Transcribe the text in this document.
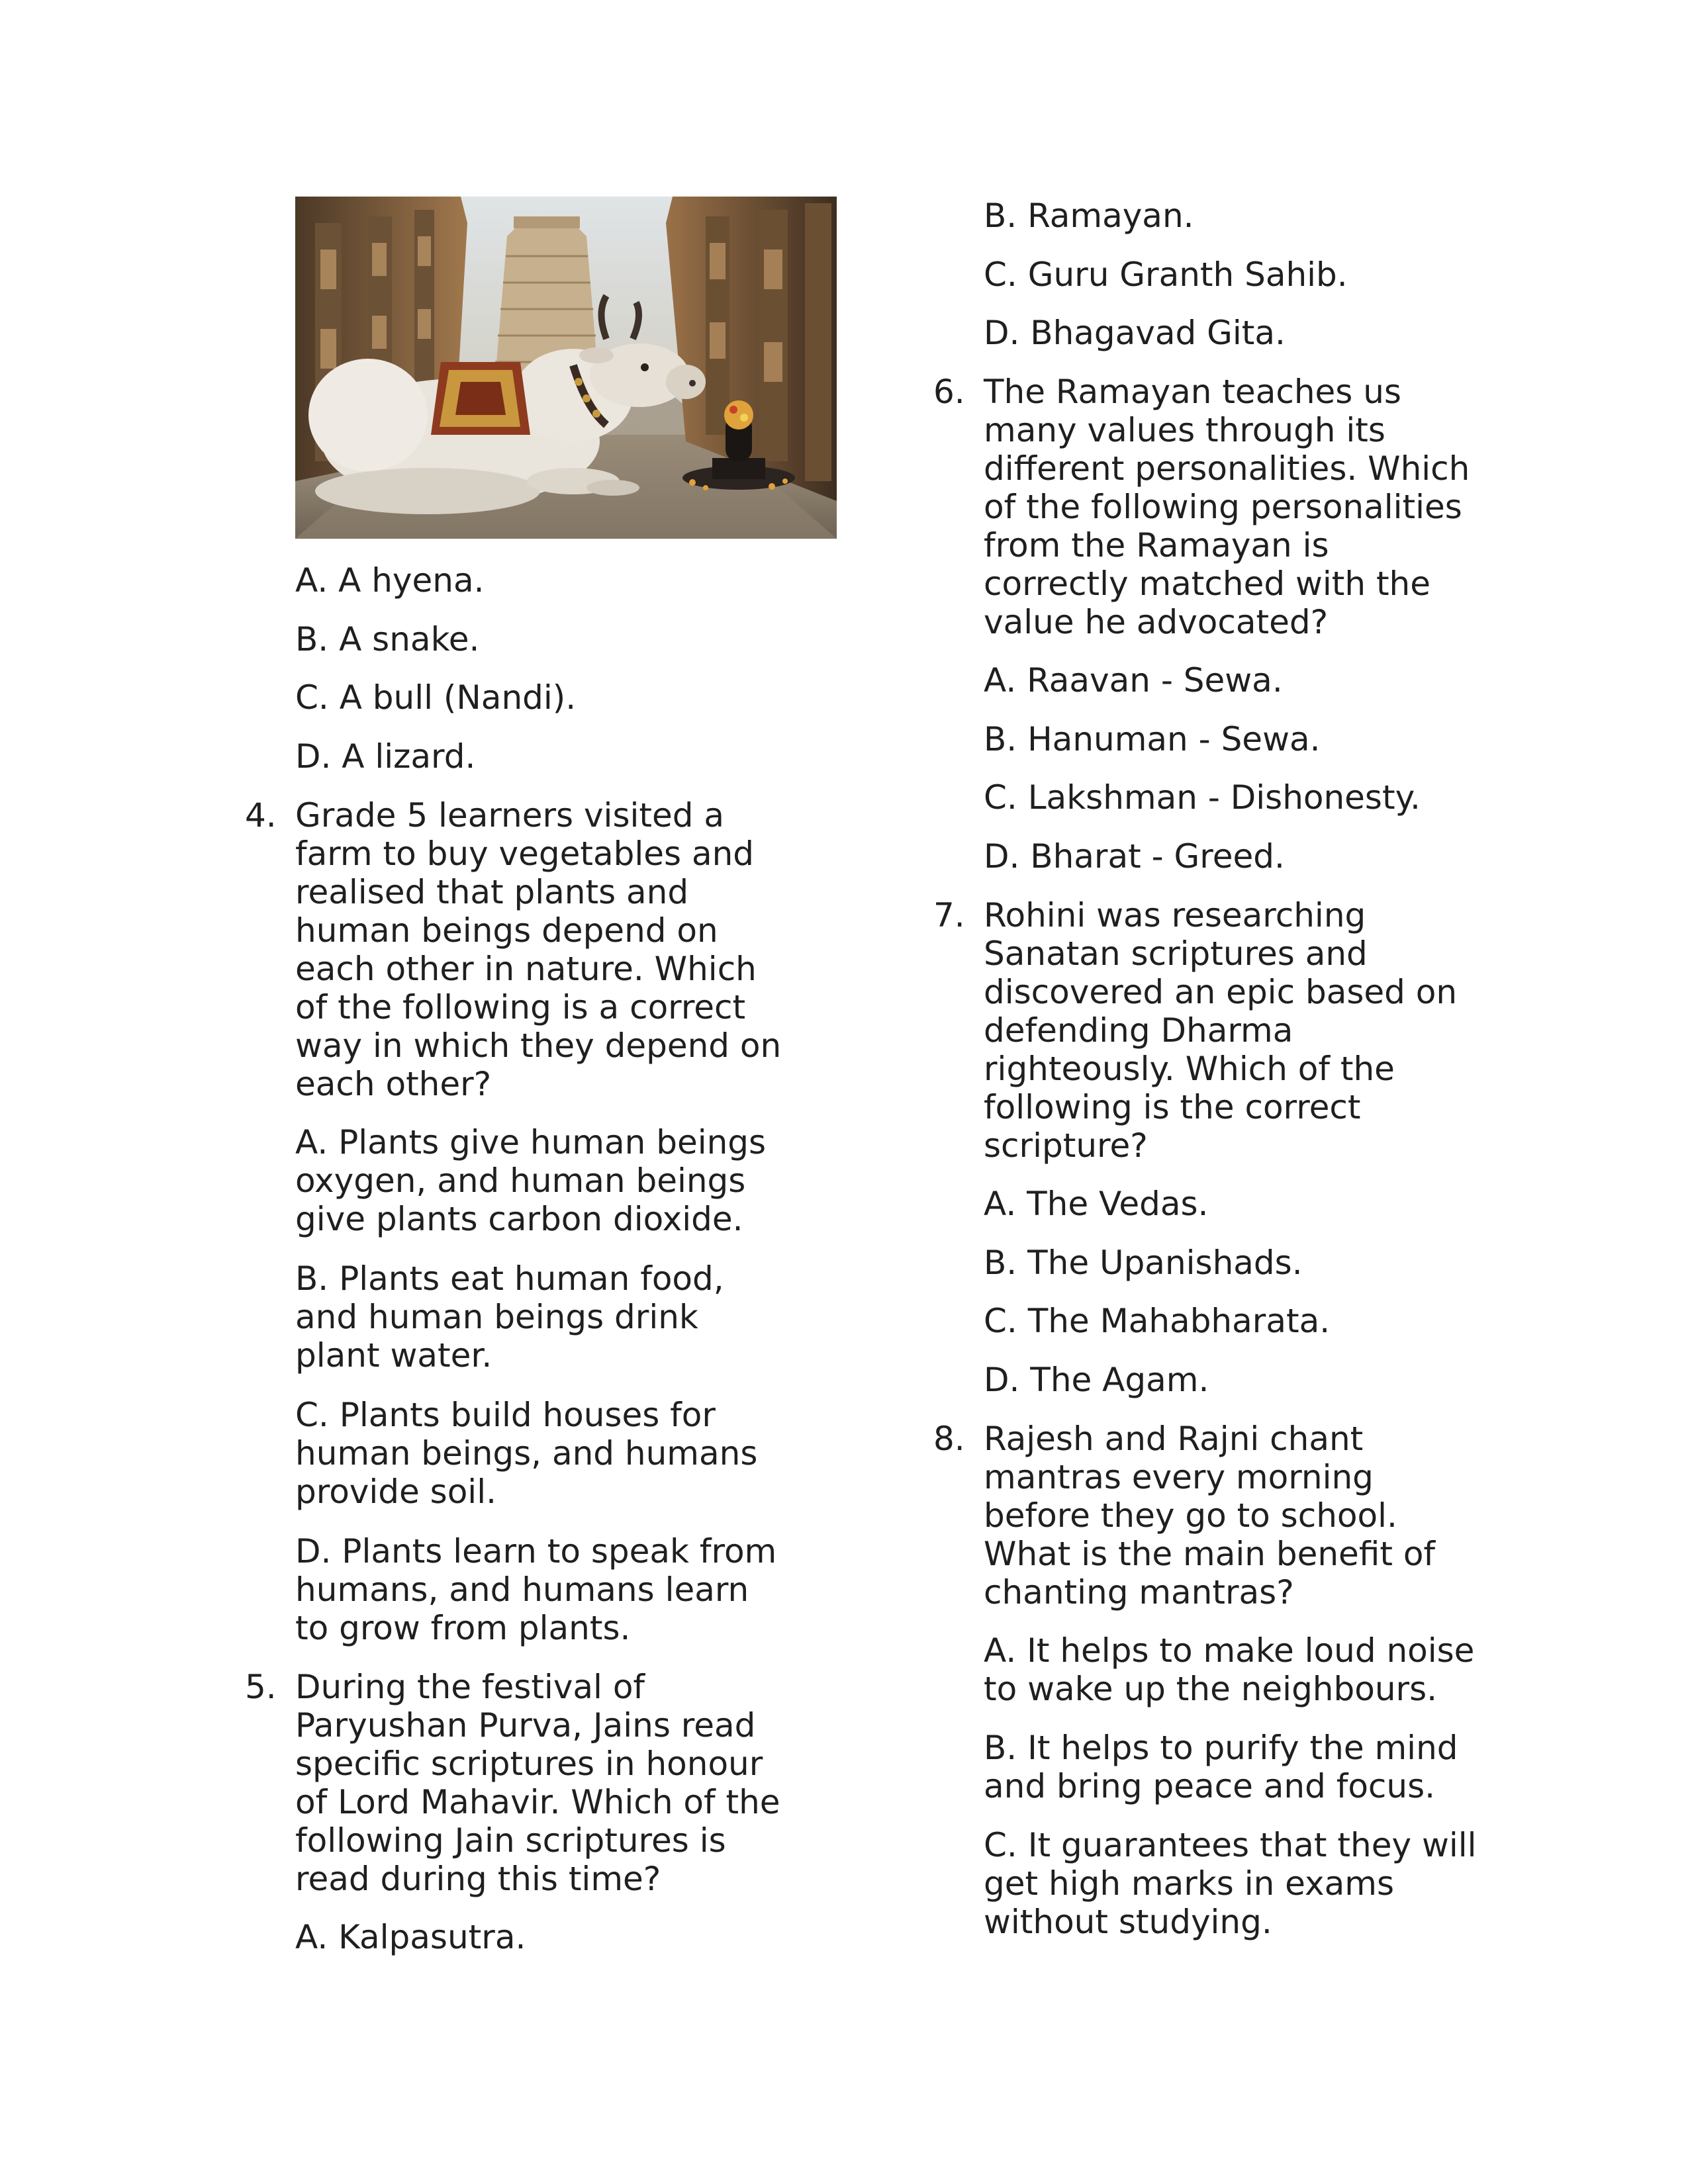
A. A hyena.
B. A snake.
C. A bull (Nandi).
D. A lizard.
4. Grade 5 learners visited a
farm to buy vegetables and
realised that plants and
human beings depend on
each other in nature. Which
of the following is a correct
way in which they depend on
each other?
A. Plants give human beings
oxygen, and human beings
give plants carbon dioxide.
B. Plants eat human food,
and human beings drink
plant water.
C. Plants build houses for
human beings, and humans
provide soil.
D. Plants learn to speak from
humans, and humans learn
to grow from plants.
5. During the festival of
Paryushan Purva, Jains read
specific scriptures in honour
of Lord Mahavir. Which of the
following Jain scriptures is
read during this time?
A. Kalpasutra.
B. Ramayan.
C. Guru Granth Sahib.
D. Bhagavad Gita.
6. The Ramayan teaches us
many values through its
different personalities. Which
of the following personalities
from the Ramayan is
correctly matched with the
value he advocated?
A. Raavan - Sewa.
B. Hanuman - Sewa.
C. Lakshman - Dishonesty.
D. Bharat - Greed.
7. Rohini was researching
Sanatan scriptures and
discovered an epic based on
defending Dharma
righteously. Which of the
following is the correct
scripture?
A. The Vedas.
B. The Upanishads.
C. The Mahabharata.
D. The Agam.
8. Rajesh and Rajni chant
mantras every morning
before they go to school.
What is the main benefit of
chanting mantras?
A. It helps to make loud noise
to wake up the neighbours.
B. It helps to purify the mind
and bring peace and focus.
C. It guarantees that they will
get high marks in exams
without studying.
